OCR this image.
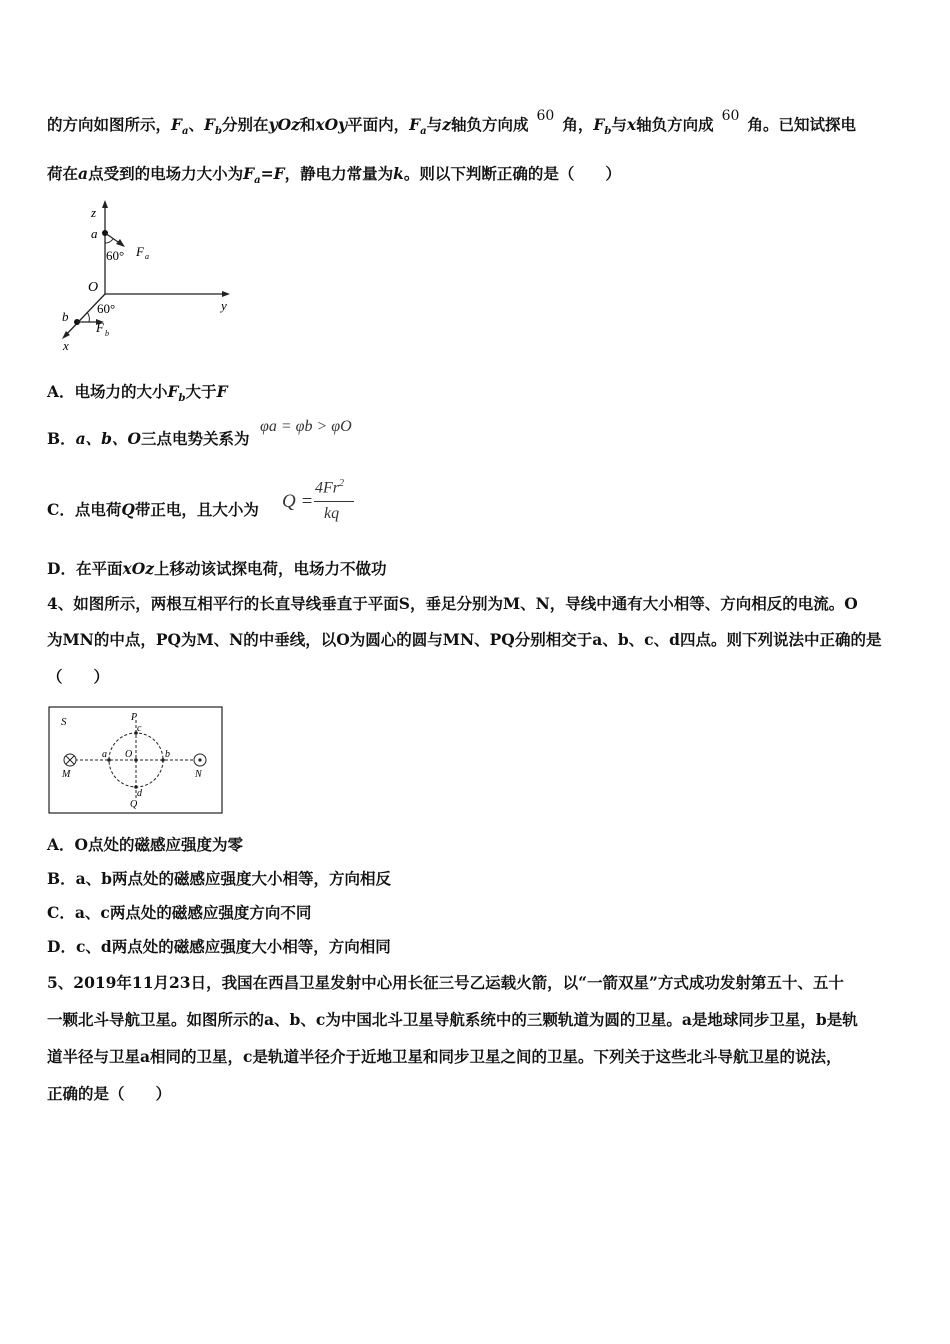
的方向如图所示，$F_a$、$F_b$分别在yOz和xOy平面内，$F_a$与z轴负方向成 60 角，$F_b$与x轴负方向成 60 角。已知试探电
荷在a点受到的电场力大小为$F_a=F$，静电力常量为k。则以下判断正确的是（　　）
z
a
60° F a
O
y
60°
b
F b
x
A．电场力的大小$F_b$大于F
B．a、b、O三点电势关系为
φa = φb > φO
C．点电荷Q带正电，且大小为 Q =
$4Fr^2$
kq
D．在平面xOz上移动该试探电荷，电场力不做功
4、如图所示，两根互相平行的长直导线垂直于平面S，垂足分别为M、N，导线中通有大小相等、方向相反的电流。O
为MN的中点，PQ为M、N的中垂线，以O为圆心的圆与MN、PQ分别相交于a、b、c、d四点。则下列说法中正确的是
（　　）
S	P
c
a O	b
M	N
d
Q
A．O点处的磁感应强度为零
B．a、b两点处的磁感应强度大小相等，方向相反
C．a、c两点处的磁感应强度方向不同
D．c、d两点处的磁感应强度大小相等，方向相同
5、2019年11月23日，我国在西昌卫星发射中心用长征三号乙运载火箭，以“一箭双星”方式成功发射第五十、五十
一颗北斗导航卫星。如图所示的a、b、c为中国北斗卫星导航系统中的三颗轨道为圆的卫星。a是地球同步卫星，b是轨
道半径与卫星a相同的卫星，c是轨道半径介于近地卫星和同步卫星之间的卫星。下列关于这些北斗导航卫星的说法，
正确的是（　　）
